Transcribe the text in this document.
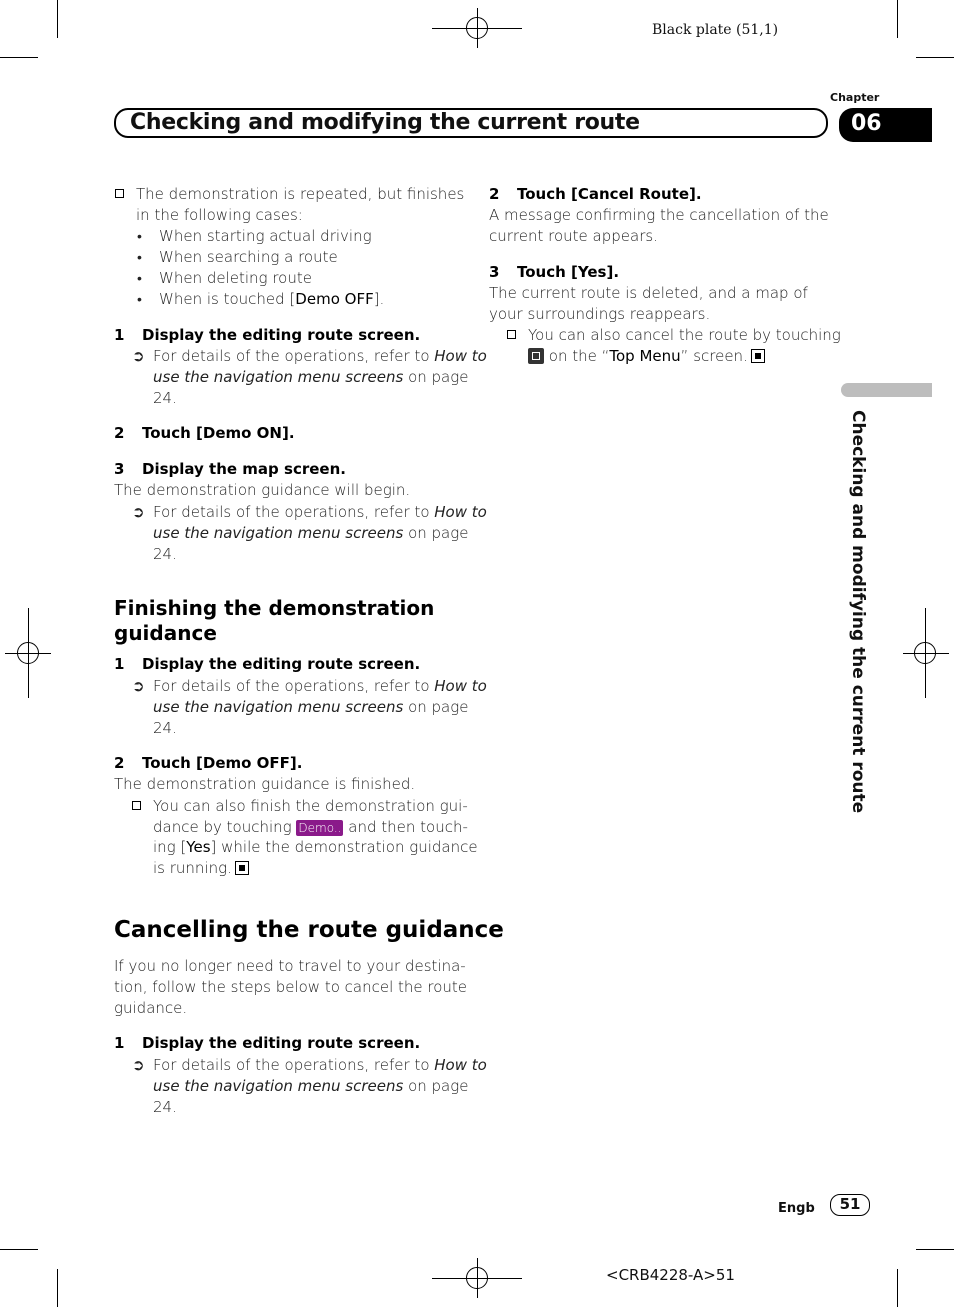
Black plate (51,1)
Chapter
Checking and modifying the current route	06
Checking and modifying the current route
The demonstration is repeated, but finishes
in the following cases:
• When starting actual driving
• When searching a route
• When deleting route
• When is touched [Demo OFF].
1 Display the editing route screen.
➲ For details of the operations, refer to How to
use the navigation menu screens on page
24.
2 Touch [Demo ON].
3 Display the map screen.
The demonstration guidance will begin.
➲ For details of the operations, refer to How to
use the navigation menu screens on page
24.
Finishing the demonstration
guidance
1 Display the editing route screen.
➲ For details of the operations, refer to How to
use the navigation menu screens on page
24.
2 Touch [Demo OFF].
The demonstration guidance is finished.
You can also finish the demonstration gui-
dance by touching Demo.. and then touch-
ing [Yes] while the demonstration guidance
is running.
Cancelling the route guidance
If you no longer need to travel to your destina-
tion, follow the steps below to cancel the route
guidance.
1 Display the editing route screen.
➲ For details of the operations, refer to How to
use the navigation menu screens on page
24.
2 Touch [Cancel Route].
A message confirming the cancellation of the
current route appears.
3 Touch [Yes].
The current route is deleted, and a map of
your surroundings reappears.
You can also cancel the route by touching
on the “Top Menu” screen.
Engb	51
<CRB4228-A>51
